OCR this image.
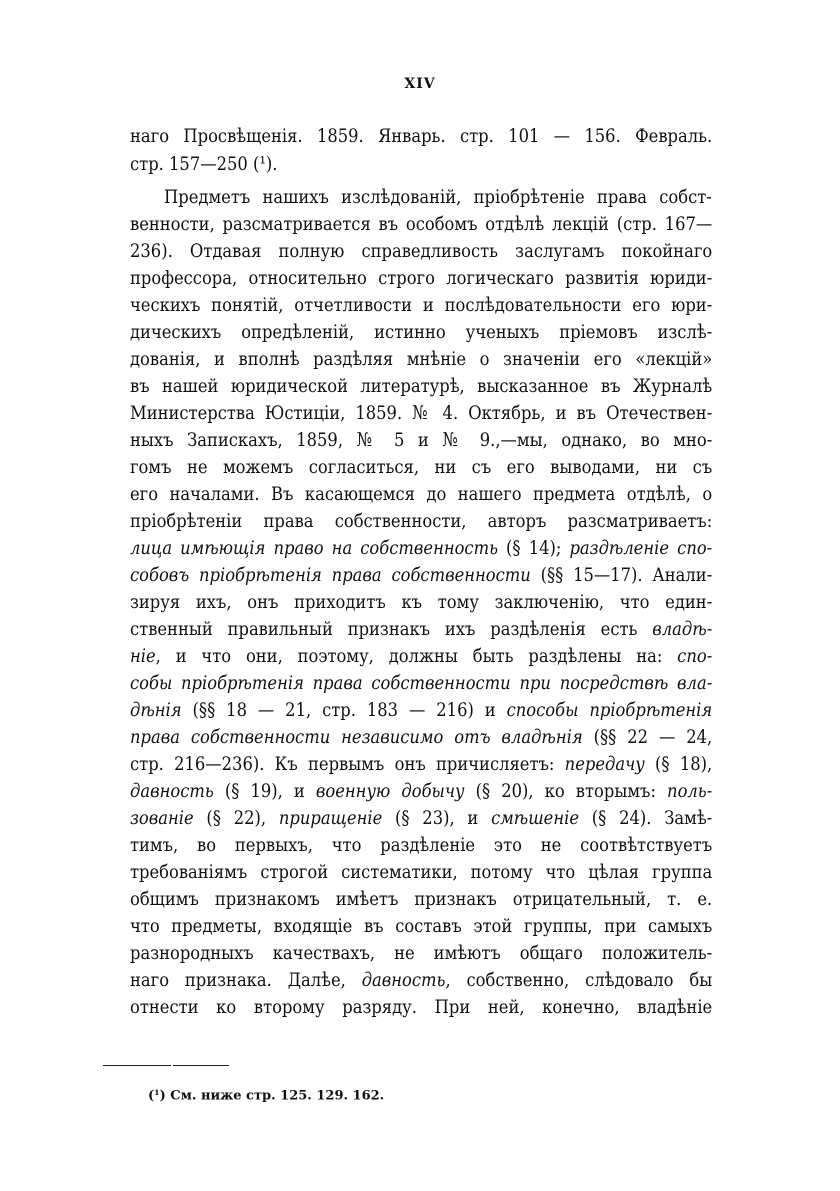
XIV
наго Просвѣщенія. 1859. Январь. стр. 101 — 156. Февраль.
стр. 157—250 (¹).
Предметъ нашихъ изслѣдованій, пріобрѣтеніе права собст-
венности, разсматривается въ особомъ отдѣлѣ лекцій (стр. 167—
236). Отдавая полную справедливость заслугамъ покойнаго
профессора, относительно строго логическаго развитія юриди-
ческихъ понятій, отчетливости и послѣдовательности его юри-
дическихъ опредѣленій, истинно ученыхъ пріемовъ изслѣ-
дованія, и вполнѣ раздѣляя мнѣніе о значеніи его «лекцій»
въ нашей юридической литературѣ, высказанное въ Журналѣ
Министерства Юстиціи, 1859. № 4. Октябрь, и въ Отечествен-
ныхъ Запискахъ, 1859, № 5 и № 9.,—мы, однако, во мно-
гомъ не можемъ согласиться, ни съ его выводами, ни съ
его началами. Въ касающемся до нашего предмета отдѣлѣ, о
пріобрѣтеніи права собственности, авторъ разсматриваетъ:
лица имѣющія право на собственность (§ 14); раздѣленіе спо-
собовъ пріобрѣтенія права собственности (§§ 15—17). Анали-
зируя ихъ, онъ приходитъ къ тому заключенію, что един-
ственный правильный признакъ ихъ раздѣленія есть владѣ-
ніе, и что они, поэтому, должны быть раздѣлены на: спо-
собы пріобрѣтенія права собственности при посредствѣ вла-
дѣнія (§§ 18 — 21, стр. 183 — 216) и способы пріобрѣтенія
права собственности независимо отъ владѣнія (§§ 22 — 24,
стр. 216—236). Къ первымъ онъ причисляетъ: передачу (§ 18),
давность (§ 19), и военную добычу (§ 20), ко вторымъ: поль-
зованіе (§ 22), приращеніе (§ 23), и смѣшеніе (§ 24). Замѣ-
тимъ, во первыхъ, что раздѣленіе это не соотвѣтствуетъ
требованіямъ строгой систематики, потому что цѣлая группа
общимъ признакомъ имѣетъ признакъ отрицательный, т. е.
что предметы, входящіе въ составъ этой группы, при самыхъ
разнородныхъ качествахъ, не имѣютъ общаго положитель-
наго признака. Далѣе, давность, собственно, слѣдовало бы
отнести ко второму разряду. При ней, конечно, владѣніе
($^1$) См. ниже стр. 125. 129. 162.
